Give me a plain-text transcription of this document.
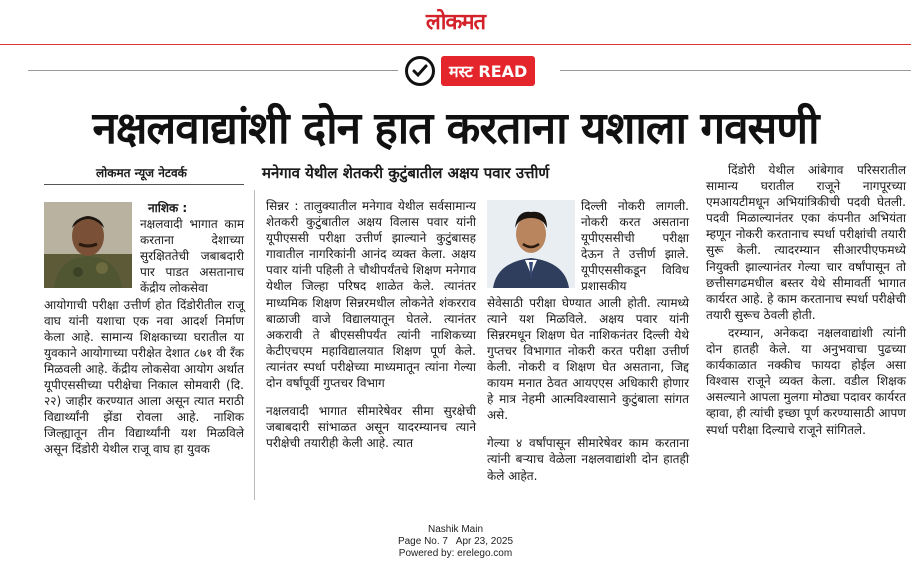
लोकमत
मस्ट READ
नक्षलवाद्यांशी दोन हात करताना यशाला गवसणी
लोकमत न्यूज नेटवर्क	मनेगाव येथील शेतकरी कुटुंबातील अक्षय पवार उत्तीर्ण
नाशिक :
नक्षलवादी भागात काम करताना देशाच्या सुरक्षिततेची जबाबदारी पार पाडत असतानाच केंद्रीय लोकसेवा
आयोगाची परीक्षा उत्तीर्ण होत दिंडोरीतील राजू वाघ यांनी यशाचा एक नवा आदर्श निर्माण केला आहे. सामान्य शिक्षकाच्या घरातील या युवकाने आयोगाच्या परीक्षेत देशात ८७१ वी रँक मिळवली आहे. केंद्रीय लोकसेवा आयोग अर्थात यूपीएससीच्या परीक्षेचा निकाल सोमवारी (दि. २२) जाहीर करण्यात आला असून त्यात मराठी विद्यार्थ्यांनी झेंडा रोवला आहे. नाशिक जिल्ह्यातून तीन विद्यार्थ्यांनी यश मिळविले असून दिंडोरी येथील राजू वाघ हा युवक
सिन्नर : तालुक्यातील मनेगाव येथील सर्वसामान्य शेतकरी कुटुंबातील अक्षय विलास पवार यांनी यूपीएससी परीक्षा उत्तीर्ण झाल्याने कुटुंबासह गावातील नागरिकांनी आनंद व्यक्त केला. अक्षय पवार यांनी पहिली ते चौथीपर्यंतचे शिक्षण मनेगाव येथील जिल्हा परिषद शाळेत केले. त्यानंतर माध्यमिक शिक्षण सिन्नरमधील लोकनेते शंकरराव बाळाजी वाजे विद्यालयातून घेतले. त्यानंतर अकरावी ते बीएससीपर्यंत त्यांनी नाशिकच्या केटीएचएम महाविद्यालयात शिक्षण पूर्ण केले. त्यानंतर स्पर्धा परीक्षेच्या माध्यमातून त्यांना गेल्या दोन वर्षांपूर्वी गुप्तचर विभाग
नक्षलवादी भागात सीमारेषेवर सीमा सुरक्षेची जबाबदारी सांभाळत असून यादरम्यानच त्याने परीक्षेची तयारीही केली आहे. त्यात
दिल्ली नोकरी लागली. नोकरी करत असताना यूपीएससीची परीक्षा देऊन ते उत्तीर्ण झाले. यूपीएससीकडून विविध प्रशासकीय
सेवेसाठी परीक्षा घेण्यात आली होती. त्यामध्ये त्याने यश मिळविले. अक्षय पवार यांनी सिन्नरमधून शिक्षण घेत नाशिकनंतर दिल्ली येथे गुप्तचर विभागात नोकरी करत परीक्षा उत्तीर्ण केली. नोकरी व शिक्षण घेत असताना, जिद्द कायम मनात ठेवत आयएएस अधिकारी होणार हे मात्र नेहमी आत्मविश्वासाने कुटुंबाला सांगत असे.
गेल्या ४ वर्षांपासून सीमारेषेवर काम करताना त्यांनी बऱ्याच वेळेला नक्षलवाद्यांशी दोन हातही केले आहेत.
दिंडोरी येथील आंबेगाव परिसरातील सामान्य घरातील राजूने नागपूरच्या एमआयटीमधून अभियांत्रिकीची पदवी घेतली. पदवी मिळाल्यानंतर एका कंपनीत अभियंता म्हणून नोकरी करतानाच स्पर्धा परीक्षांची तयारी सुरू केली. त्यादरम्यान सीआरपीएफमध्ये नियुक्ती झाल्यानंतर गेल्या चार वर्षांपासून तो छत्तीसगढमधील बस्तर येथे सीमावर्ती भागात कार्यरत आहे. हे काम करतानाच स्पर्धा परीक्षेची तयारी सुरूच ठेवली होती.
दरम्यान, अनेकदा नक्षलवाद्यांशी त्यांनी दोन हातही केले. या अनुभवाचा पुढच्या कार्यकाळात नक्कीच फायदा होईल असा विश्वास राजूने व्यक्त केला. वडील शिक्षक असल्याने आपला मुलगा मोठ्या पदावर कार्यरत व्हावा, ही त्यांची इच्छा पूर्ण करण्यासाठी आपण स्पर्धा परीक्षा दिल्याचे राजूने सांगितले.
Nashik Main
Page No. 7   Apr 23, 2025
Powered by: erelego.com
